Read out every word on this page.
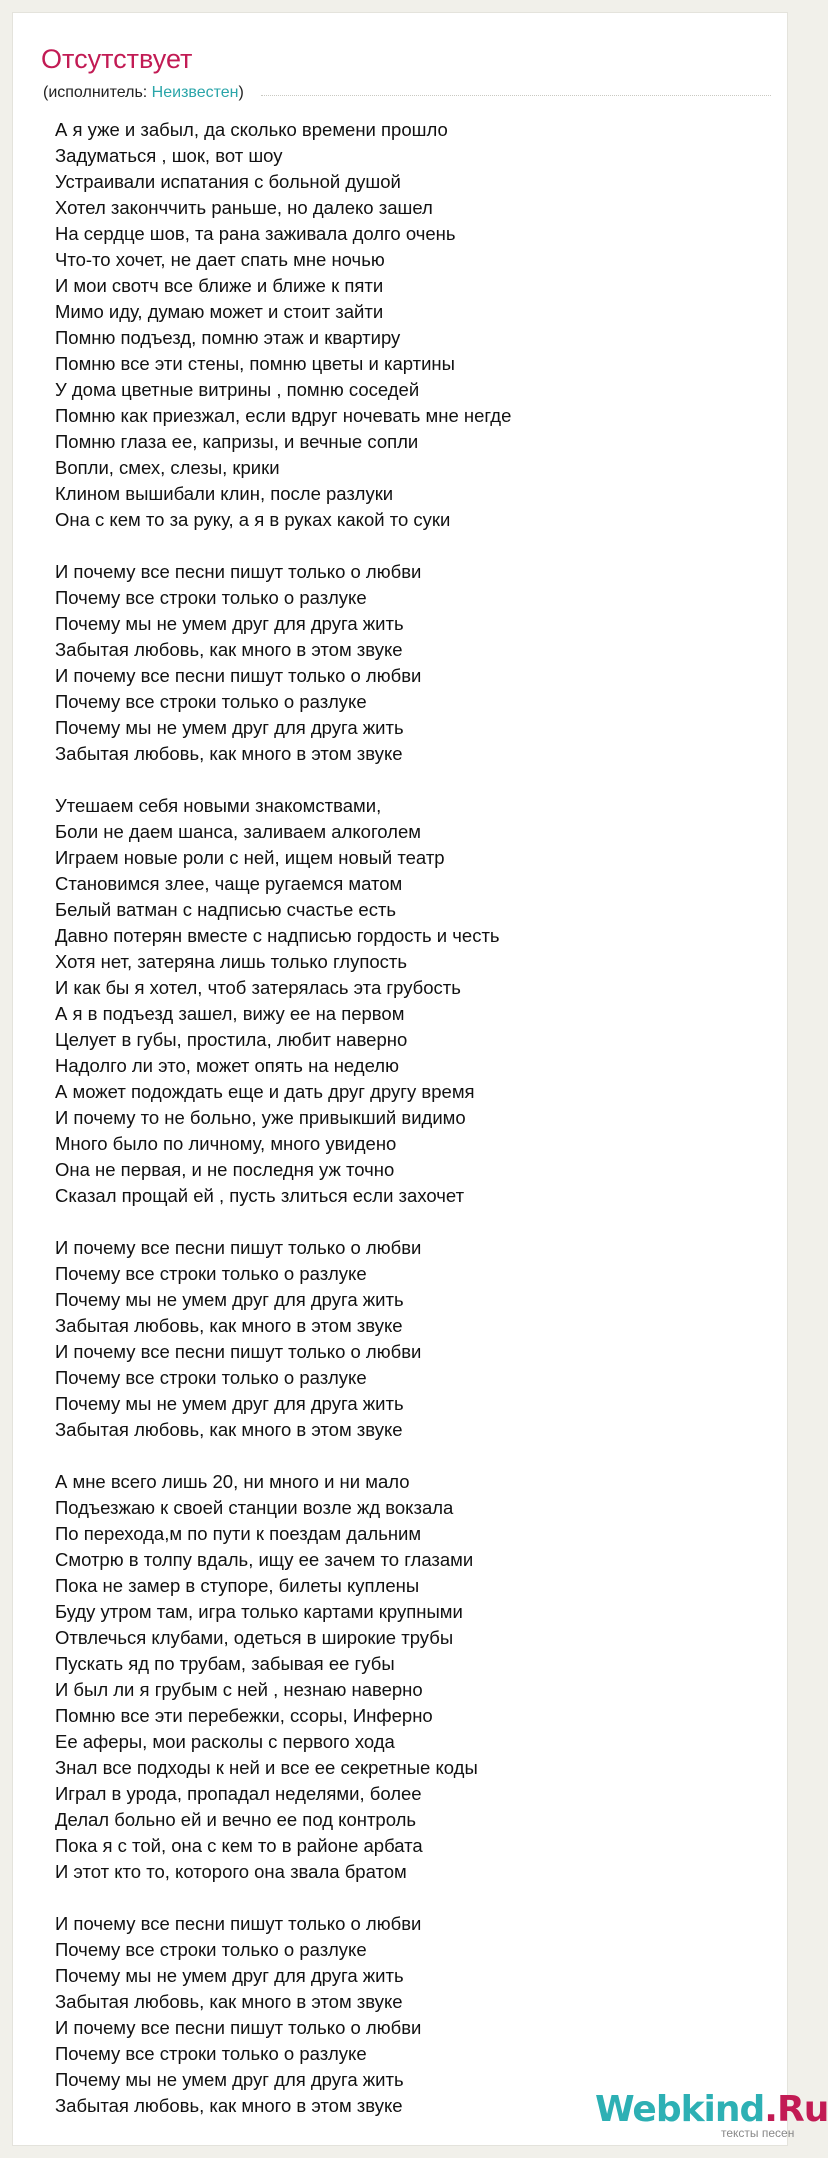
Отсутствует
(исполнитель: Неизвестен)
А я уже и забыл, да сколько времени прошло
Задуматься , шок, вот шоу
Устраивали испатания с больной душой
Хотел законччить раньше, но далеко зашел
На сердце шов, та рана заживала долго очень
Что-то хочет, не дает спать мне ночью
И мои свотч все ближе и ближе к пяти
Мимо иду, думаю может и стоит зайти
Помню подъезд, помню этаж и квартиру
Помню все эти стены, помню цветы и картины
У дома цветные витрины , помню соседей
Помню как приезжал, если вдруг ночевать мне негде
Помню глаза ее, капризы, и вечные сопли
Вопли, смех, слезы, крики
Клином вышибали клин, после разлуки
Она с кем то за руку, а я в руках какой то суки
И почему все песни пишут только о любви
Почему все строки только о разлуке
Почему мы не умем друг для друга жить
Забытая любовь, как много в этом звуке
И почему все песни пишут только о любви
Почему все строки только о разлуке
Почему мы не умем друг для друга жить
Забытая любовь, как много в этом звуке
Утешаем себя новыми знакомствами,
Боли не даем шанса, заливаем алкоголем
Играем новые роли с ней, ищем новый театр
Становимся злее, чаще ругаемся матом
Белый ватман с надписью счастье есть
Давно потерян вместе с надписью гордость и честь
Хотя нет, затеряна лишь только глупость
И как бы я хотел, чтоб затерялась эта грубость
А я в подъезд зашел, вижу ее на первом
Целует в губы, простила, любит наверно
Надолго ли это, может опять на неделю
А может подождать еще и дать друг другу время
И почему то не больно, уже привыкший видимо
Много было по личному, много увидено
Она не первая, и не последня уж точно
Сказал прощай ей , пусть злиться если захочет
И почему все песни пишут только о любви
Почему все строки только о разлуке
Почему мы не умем друг для друга жить
Забытая любовь, как много в этом звуке
И почему все песни пишут только о любви
Почему все строки только о разлуке
Почему мы не умем друг для друга жить
Забытая любовь, как много в этом звуке
А мне всего лишь 20, ни много и ни мало
Подъезжаю к своей станции возле жд вокзала
По перехода,м по пути к поездам дальним
Смотрю в толпу вдаль, ищу ее зачем то глазами
Пока не замер в ступоре, билеты куплены
Буду утром там, игра только картами крупными
Отвлечься клубами, одеться в широкие трубы
Пускать яд по трубам, забывая ее губы
И был ли я грубым с ней , незнаю наверно
Помню все эти перебежки, ссоры, Инферно
Ее аферы, мои расколы с первого хода
Знал все подходы к ней и все ее секретные коды
Играл в урода, пропадал неделями, более
Делал больно ей и вечно ее под контроль
Пока я с той, она с кем то в районе арбата
И этот кто то, которого она звала братом
И почему все песни пишут только о любви
Почему все строки только о разлуке
Почему мы не умем друг для друга жить
Забытая любовь, как много в этом звуке
И почему все песни пишут только о любви
Почему все строки только о разлуке
Почему мы не умем друг для друга жить
Забытая любовь, как много в этом звуке	Webkind.Ru
тексты песен
